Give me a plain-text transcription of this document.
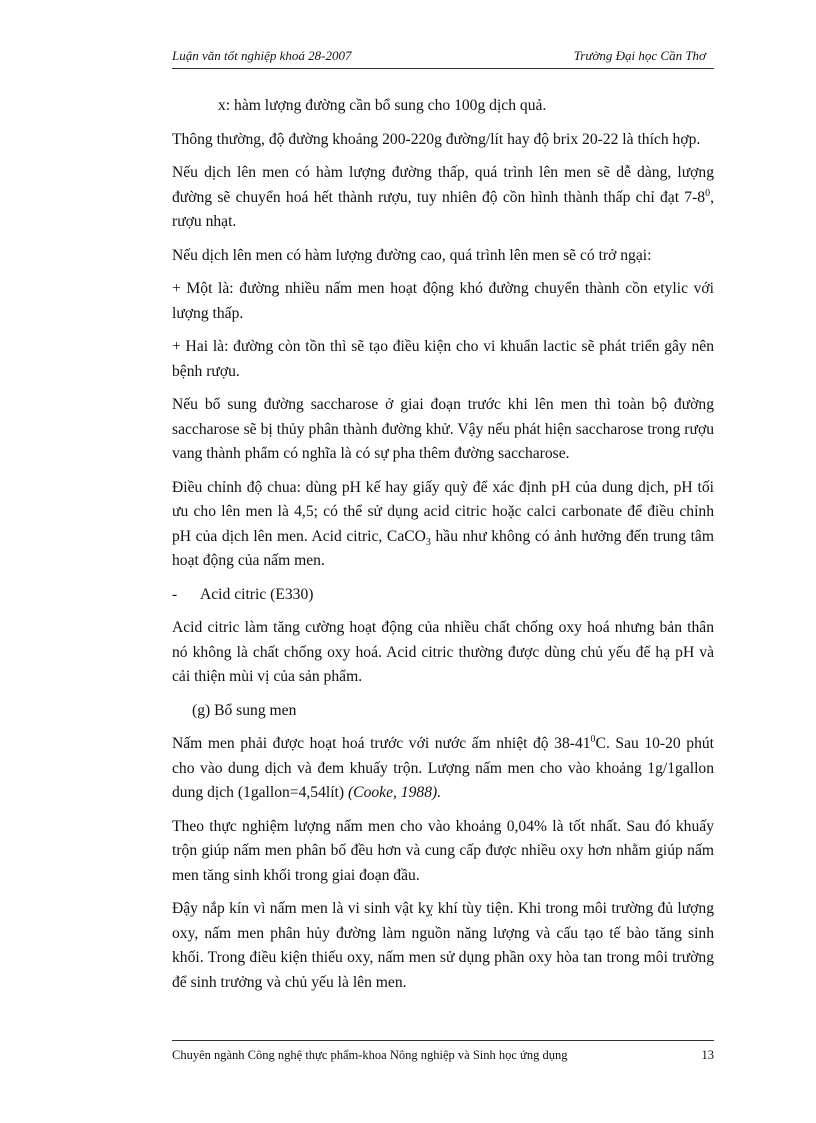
Luận văn tốt nghiệp khoá 28-2007	Trường Đại học Cần Thơ

x: hàm lượng đường cần bổ sung cho 100g dịch quả.

Thông thường, độ đường khoảng 200-220g đường/lít hay độ brix 20-22 là thích hợp.

Nếu dịch lên men có hàm lượng đường thấp, quá trình lên men sẽ dễ dàng, lượng đường sẽ chuyển hoá hết thành rượu, tuy nhiên độ cồn hình thành thấp chỉ đạt $7-8^0$, rượu nhạt.

Nếu dịch lên men có hàm lượng đường cao, quá trình lên men sẽ có trở ngại:

+ Một là: đường nhiều nấm men hoạt động khó đường chuyển thành cồn etylic với lượng thấp.

+ Hai là: đường còn tồn thì sẽ tạo điều kiện cho vi khuẩn lactic sẽ phát triển gây nên bệnh rượu.

Nếu bổ sung đường saccharose ở giai đoạn trước khi lên men thì toàn bộ đường saccharose sẽ bị thủy phân thành đường khử. Vậy nếu phát hiện saccharose trong rượu vang thành phẩm có nghĩa là có sự pha thêm đường saccharose.

Điều chỉnh độ chua: dùng pH kế hay giấy quỳ để xác định pH của dung dịch, pH tối ưu cho lên men là 4,5; có thể sử dụng acid citric hoặc calci carbonate để điều chỉnh pH của dịch lên men. Acid citric, CaCO$_3$ hầu như không có ảnh hưởng đến trung tâm hoạt động của nấm men.

- Acid citric (E330)

Acid citric làm tăng cường hoạt động của nhiều chất chống oxy hoá nhưng bản thân nó không là chất chống oxy hoá. Acid citric thường được dùng chủ yếu để hạ pH và cải thiện mùi vị của sản phẩm.

(g) Bổ sung men

Nấm men phải được hoạt hoá trước với nước ấm nhiệt độ $38-41^0C$. Sau 10-20 phút cho vào dung dịch và đem khuấy trộn. Lượng nấm men cho vào khoảng 1g/1gallon dung dịch (1gallon=4,54lít) (Cooke, 1988).

Theo thực nghiệm lượng nấm men cho vào khoảng 0,04% là tốt nhất. Sau đó khuấy trộn giúp nấm men phân bố đều hơn và cung cấp được nhiều oxy hơn nhằm giúp nấm men tăng sinh khối trong giai đoạn đầu.

Đậy nắp kín vì nấm men là vi sinh vật kỵ khí tùy tiện. Khi trong môi trường đủ lượng oxy, nấm men phân hủy đường làm nguồn năng lượng và cấu tạo tế bào tăng sinh khối. Trong điều kiện thiếu oxy, nấm men sử dụng phần oxy hòa tan trong môi trường để sinh trưởng và chủ yếu là lên men.

Chuyên ngành Công nghệ thực phẩm-khoa Nông nghiệp và Sinh học ứng dụng	13
